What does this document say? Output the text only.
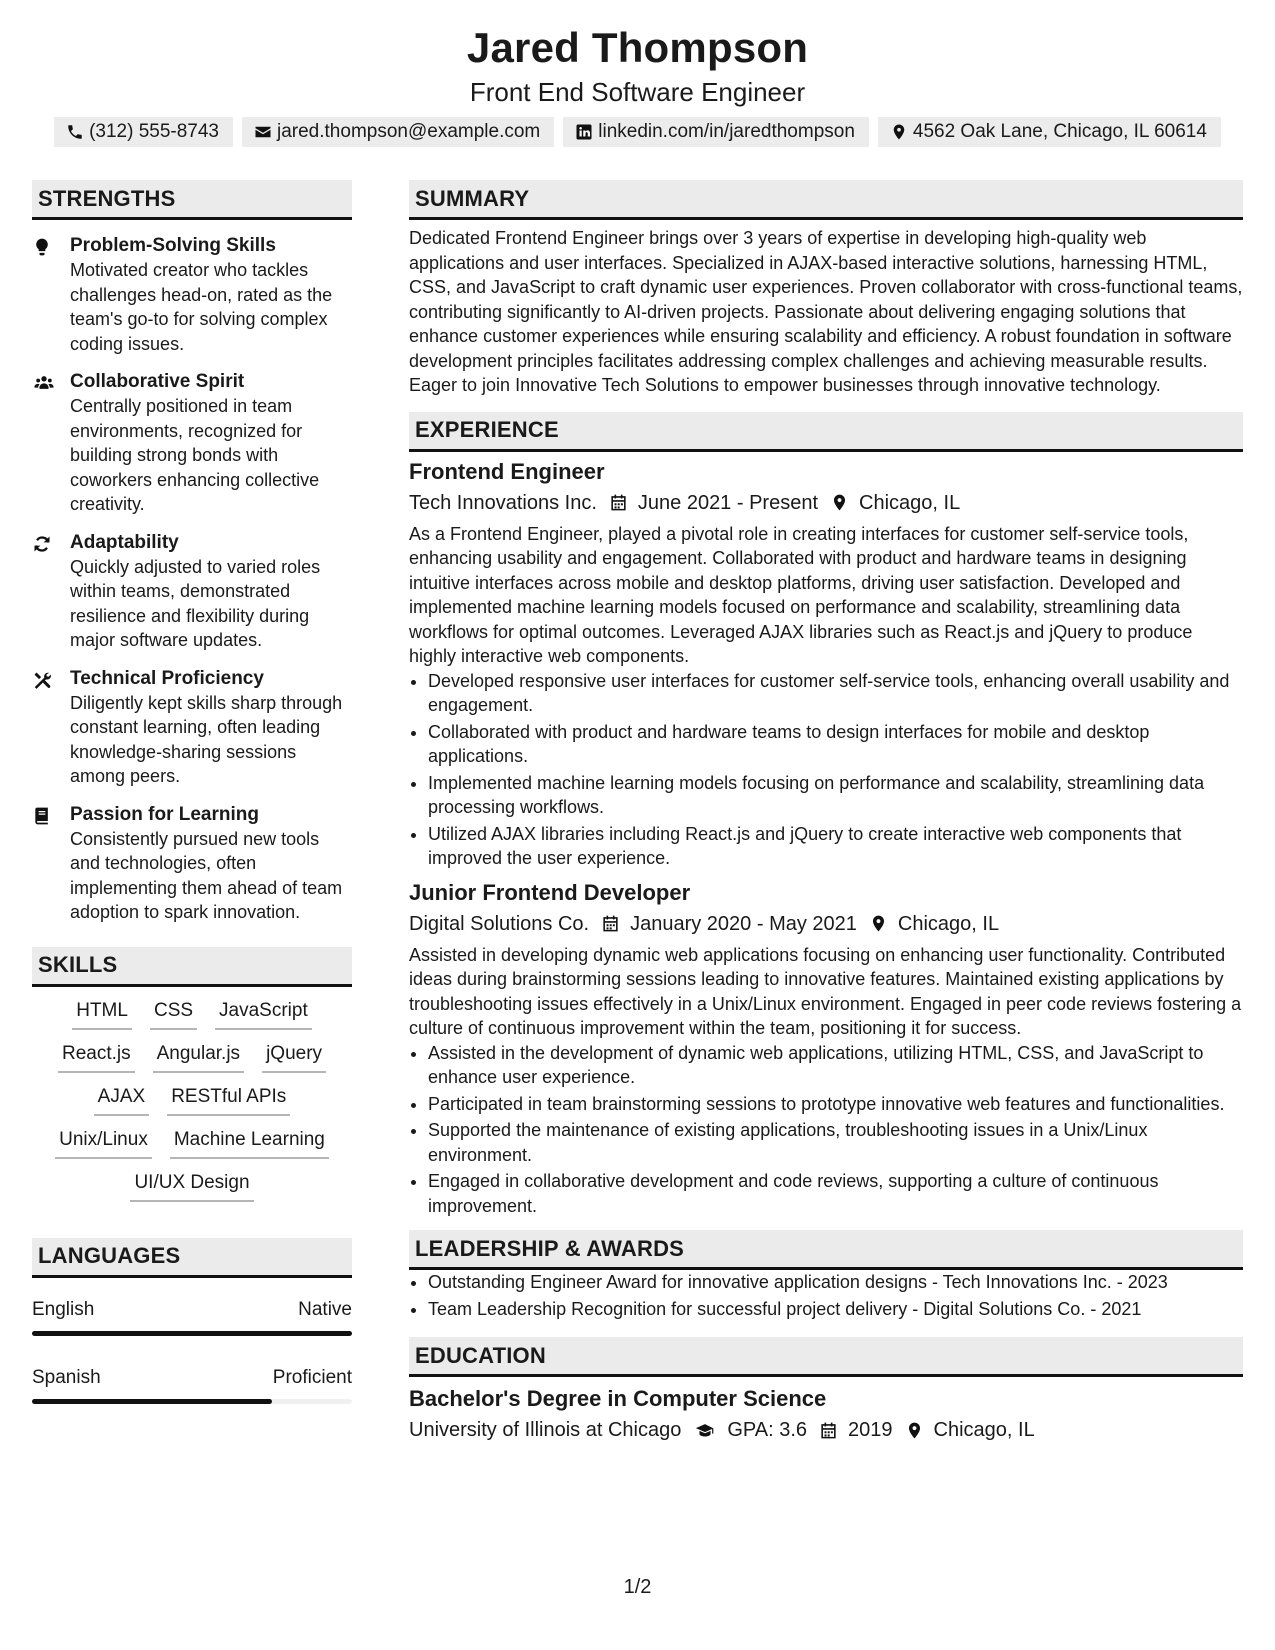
Jared Thompson
Front End Software Engineer
(312) 555-8743	jared.thompson@example.com	linkedin.com/in/jaredthompson	4562 Oak Lane, Chicago, IL 60614
STRENGTHS
Problem-Solving Skills
Motivated creator who tackles challenges head-on, rated as the team's go-to for solving complex coding issues.
Collaborative Spirit
Centrally positioned in team environments, recognized for building strong bonds with coworkers enhancing collective creativity.
Adaptability
Quickly adjusted to varied roles within teams, demonstrated resilience and flexibility during major software updates.
Technical Proficiency
Diligently kept skills sharp through constant learning, often leading knowledge-sharing sessions among peers.
Passion for Learning
Consistently pursued new tools and technologies, often implementing them ahead of team adoption to spark innovation.
SKILLS
HTML CSS JavaScript
React.js Angular.js jQuery
AJAX RESTful APIs
Unix/Linux Machine Learning
UI/UX Design
LANGUAGES
English	Native
Spanish	Proficient
SUMMARY
Dedicated Frontend Engineer brings over 3 years of expertise in developing high-quality web applications and user interfaces. Specialized in AJAX-based interactive solutions, harnessing HTML, CSS, and JavaScript to craft dynamic user experiences. Proven collaborator with cross-functional teams, contributing significantly to AI-driven projects. Passionate about delivering engaging solutions that enhance customer experiences while ensuring scalability and efficiency. A robust foundation in software development principles facilitates addressing complex challenges and achieving measurable results. Eager to join Innovative Tech Solutions to empower businesses through innovative technology.
EXPERIENCE
Frontend Engineer
Tech Innovations Inc. June 2021 - Present Chicago, IL
As a Frontend Engineer, played a pivotal role in creating interfaces for customer self-service tools, enhancing usability and engagement. Collaborated with product and hardware teams in designing intuitive interfaces across mobile and desktop platforms, driving user satisfaction. Developed and implemented machine learning models focused on performance and scalability, streamlining data workflows for optimal outcomes. Leveraged AJAX libraries such as React.js and jQuery to produce highly interactive web components.
• Developed responsive user interfaces for customer self-service tools, enhancing overall usability and engagement.
• Collaborated with product and hardware teams to design interfaces for mobile and desktop applications.
• Implemented machine learning models focusing on performance and scalability, streamlining data processing workflows.
• Utilized AJAX libraries including React.js and jQuery to create interactive web components that improved the user experience.
Junior Frontend Developer
Digital Solutions Co. January 2020 - May 2021 Chicago, IL
Assisted in developing dynamic web applications focusing on enhancing user functionality. Contributed ideas during brainstorming sessions leading to innovative features. Maintained existing applications by troubleshooting issues effectively in a Unix/Linux environment. Engaged in peer code reviews fostering a culture of continuous improvement within the team, positioning it for success.
• Assisted in the development of dynamic web applications, utilizing HTML, CSS, and JavaScript to enhance user experience.
• Participated in team brainstorming sessions to prototype innovative web features and functionalities.
• Supported the maintenance of existing applications, troubleshooting issues in a Unix/Linux environment.
• Engaged in collaborative development and code reviews, supporting a culture of continuous improvement.
LEADERSHIP & AWARDS
• Outstanding Engineer Award for innovative application designs - Tech Innovations Inc. - 2023
• Team Leadership Recognition for successful project delivery - Digital Solutions Co. - 2021
EDUCATION
Bachelor's Degree in Computer Science
University of Illinois at Chicago GPA: 3.6 2019 Chicago, IL
1/2
